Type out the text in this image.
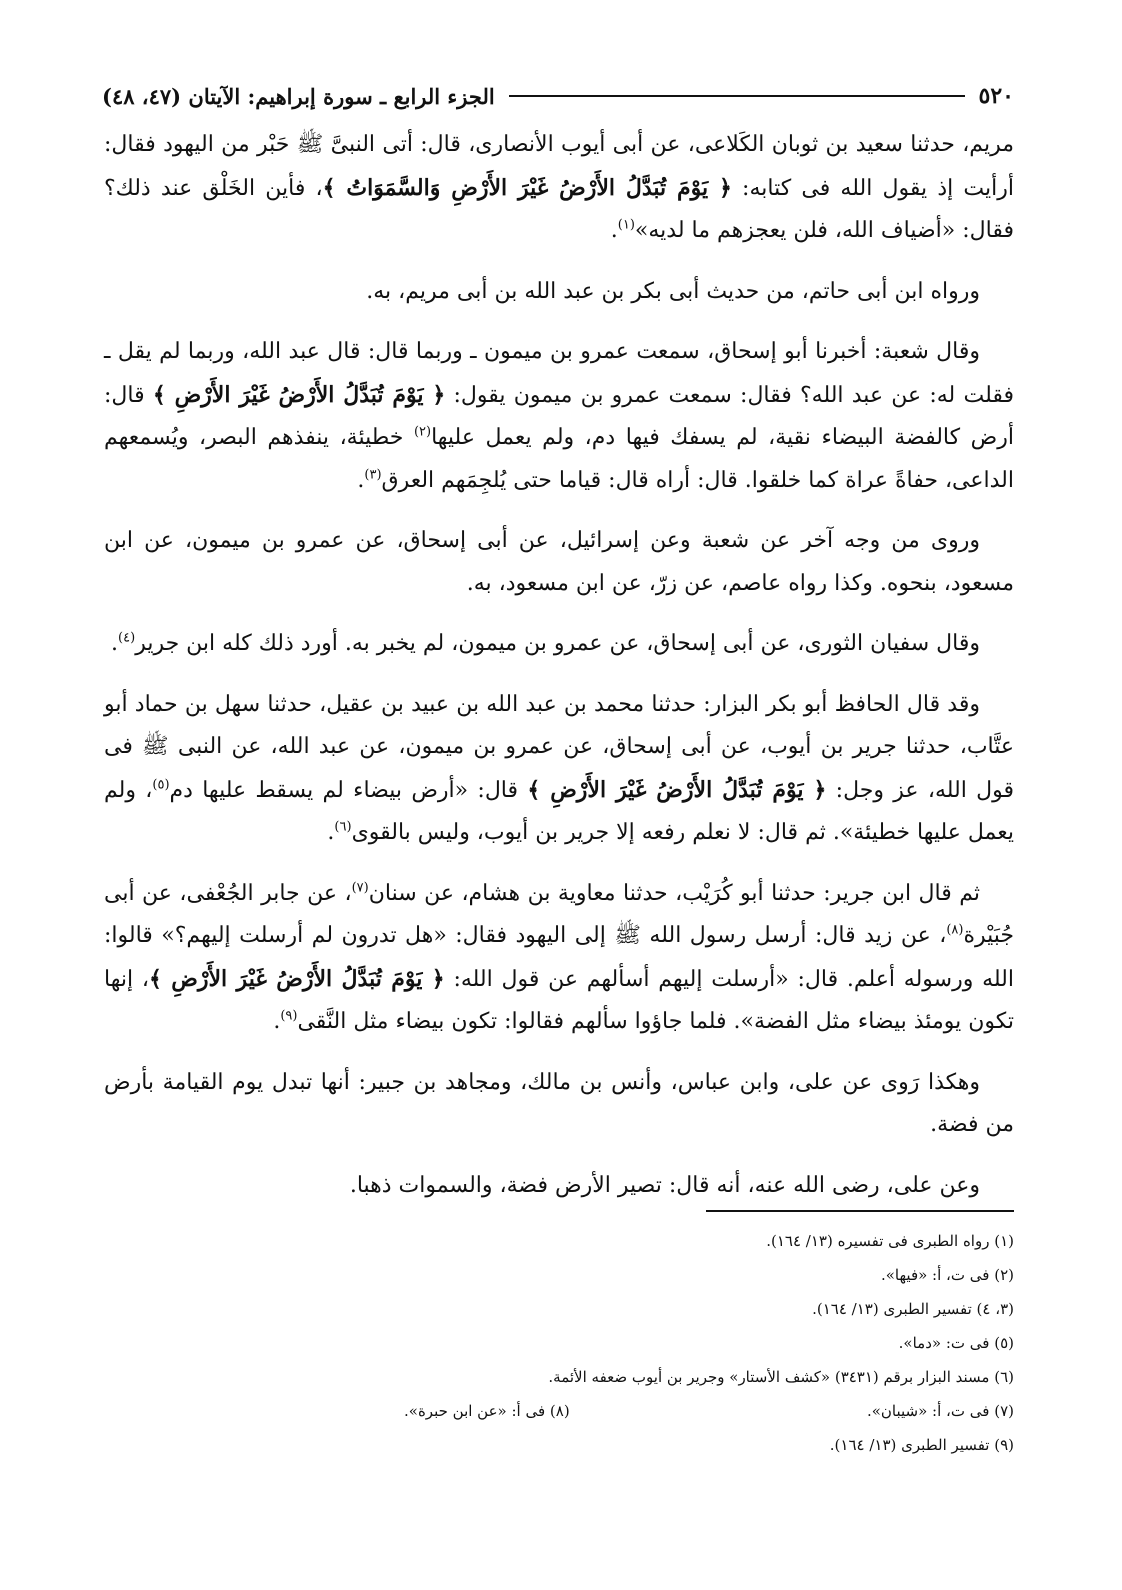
٥٢٠
الجزء الرابع ـ سورة إبراهيم: الآيتان (٤٧، ٤٨)

مريم، حدثنا سعيد بن ثوبان الكَلاعى، عن أبى أيوب الأنصارى، قال: أتى النبىَّ ﷺ حَبْر من اليهود فقال: أرأيت إذ يقول الله فى كتابه: ﴿ يَوْمَ تُبَدَّلُ الأَرْضُ غَيْرَ الأَرْضِ وَالسَّمَوَاتُ ﴾، فأين الخَلْق عند ذلك؟ فقال: «أضياف الله، فلن يعجزهم ما لديه»$^{(١)}$.

ورواه ابن أبى حاتم، من حديث أبى بكر بن عبد الله بن أبى مريم، به.

وقال شعبة: أخبرنا أبو إسحاق، سمعت عمرو بن ميمون ـ وربما قال: قال عبد الله، وربما لم يقل ـ فقلت له: عن عبد الله؟ فقال: سمعت عمرو بن ميمون يقول: ﴿ يَوْمَ تُبَدَّلُ الأَرْضُ غَيْرَ الأَرْضِ ﴾ قال: أرض كالفضة البيضاء نقية، لم يسفك فيها دم، ولم يعمل عليها$^{(٢)}$ خطيئة، ينفذهم البصر، ويُسمعهم الداعى، حفاةً عراة كما خلقوا. قال: أراه قال: قياما حتى يُلجِمَهم العرق$^{(٣)}$.

وروى من وجه آخر عن شعبة وعن إسرائيل، عن أبى إسحاق، عن عمرو بن ميمون، عن ابن مسعود، بنحوه. وكذا رواه عاصم، عن زرّ، عن ابن مسعود، به.

وقال سفيان الثورى، عن أبى إسحاق، عن عمرو بن ميمون، لم يخبر به. أورد ذلك كله ابن جرير$^{(٤)}$.

وقد قال الحافظ أبو بكر البزار: حدثنا محمد بن عبد الله بن عبيد بن عقيل، حدثنا سهل بن حماد أبو عتَّاب، حدثنا جرير بن أيوب، عن أبى إسحاق، عن عمرو بن ميمون، عن عبد الله، عن النبى ﷺ فى قول الله، عز وجل: ﴿ يَوْمَ تُبَدَّلُ الأَرْضُ غَيْرَ الأَرْضِ ﴾ قال: «أرض بيضاء لم يسقط عليها دم$^{(٥)}$، ولم يعمل عليها خطيئة». ثم قال: لا نعلم رفعه إلا جرير بن أيوب، وليس بالقوى$^{(٦)}$.

ثم قال ابن جرير: حدثنا أبو كُرَيْب، حدثنا معاوية بن هشام، عن سنان$^{(٧)}$، عن جابر الجُعْفى، عن أبى جُبَيْرة$^{(٨)}$، عن زيد قال: أرسل رسول الله ﷺ إلى اليهود فقال: «هل تدرون لم أرسلت إليهم؟» قالوا: الله ورسوله أعلم. قال: «أرسلت إليهم أسألهم عن قول الله: ﴿ يَوْمَ تُبَدَّلُ الأَرْضُ غَيْرَ الأَرْضِ ﴾، إنها تكون يومئذ بيضاء مثل الفضة». فلما جاؤوا سألهم فقالوا: تكون بيضاء مثل النَّقى$^{(٩)}$.

وهكذا رَوى عن على، وابن عباس، وأنس بن مالك، ومجاهد بن جبير: أنها تبدل يوم القيامة بأرض من فضة.

وعن على، رضى الله عنه، أنه قال: تصير الأرض فضة، والسموات ذهبا.

(١) رواه الطبرى فى تفسيره (١٣/ ١٦٤).
(٢) فى ت، أ: «فيها».
(٣، ٤) تفسير الطبرى (١٣/ ١٦٤).
(٥) فى ت: «دما».
(٦) مسند البزار برقم (٣٤٣١) «كشف الأستار» وجرير بن أيوب ضعفه الأئمة.
(٧) فى ت، أ: «شيبان».
(٨) فى أ: «عن ابن حبرة».
(٩) تفسير الطبرى (١٣/ ١٦٤).
